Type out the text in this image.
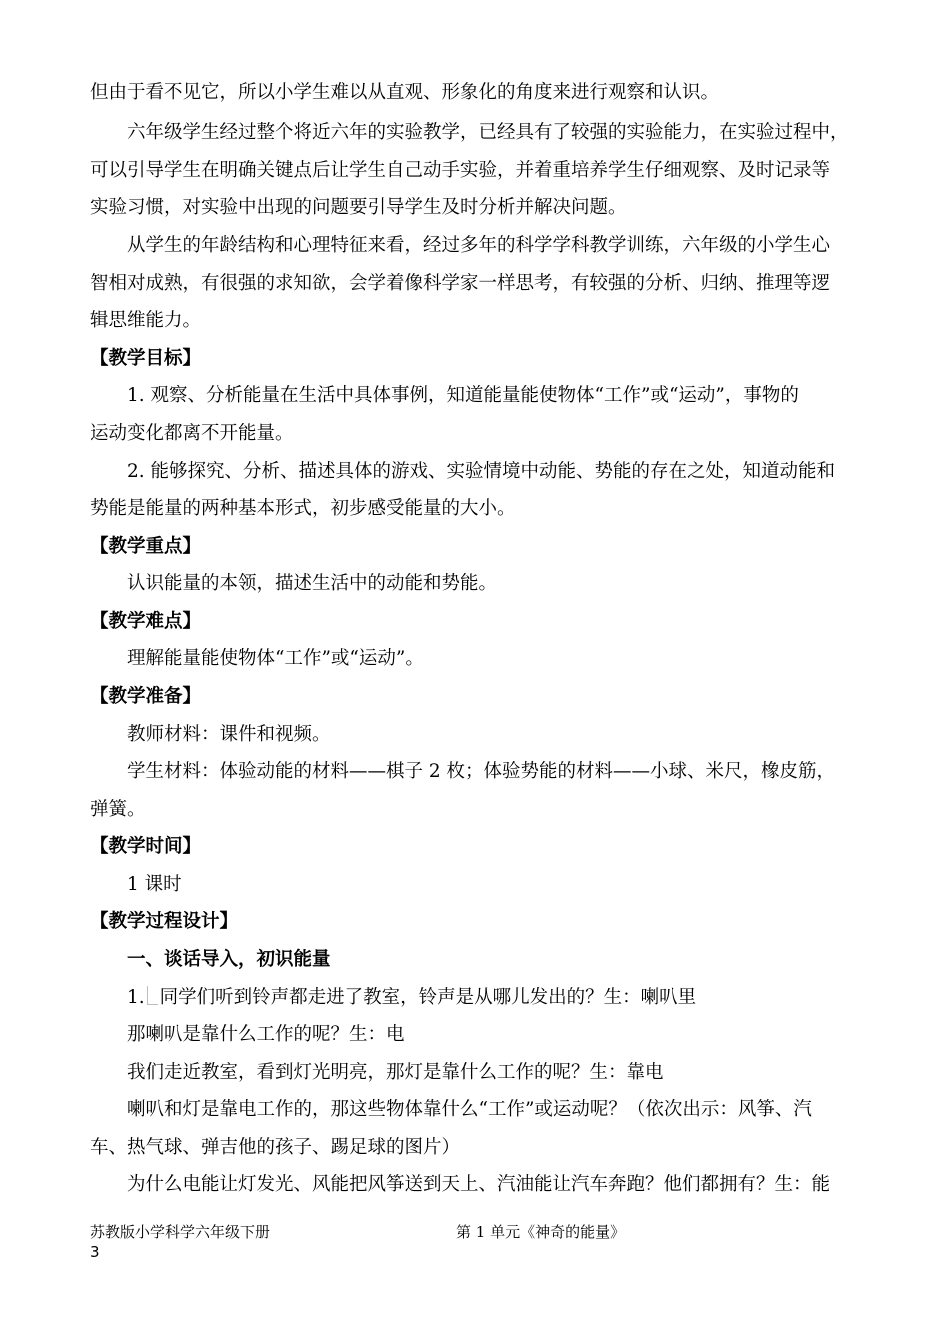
但由于看不见它，所以小学生难以从直观、形象化的角度来进行观察和认识。
六年级学生经过整个将近六年的实验教学，已经具有了较强的实验能力，在实验过程中，
可以引导学生在明确关键点后让学生自己动手实验，并着重培养学生仔细观察、及时记录等
实验习惯，对实验中出现的问题要引导学生及时分析并解决问题。
从学生的年龄结构和心理特征来看，经过多年的科学学科教学训练，六年级的小学生心
智相对成熟，有很强的求知欲，会学着像科学家一样思考，有较强的分析、归纳、推理等逻
辑思维能力。
【教学目标】
1. 观察、分析能量在生活中具体事例，知道能量能使物体“工作”或“运动”，事物的
运动变化都离不开能量。
2. 能够探究、分析、描述具体的游戏、实验情境中动能、势能的存在之处，知道动能和
势能是能量的两种基本形式，初步感受能量的大小。
【教学重点】
认识能量的本领，描述生活中的动能和势能。
【教学难点】
理解能量能使物体“工作”或“运动”。
【教学准备】
教师材料：课件和视频。
学生材料：体验动能的材料——棋子 2 枚；体验势能的材料——小球、米尺，橡皮筋，
弹簧。
【教学时间】
1 课时
【教学过程设计】
一、谈话导入，初识能量
1. 同学们听到铃声都走进了教室，铃声是从哪儿发出的？生：喇叭里
那喇叭是靠什么工作的呢？生：电
我们走近教室，看到灯光明亮，那灯是靠什么工作的呢？生：靠电
喇叭和灯是靠电工作的，那这些物体靠什么“工作”或运动呢？（依次出示：风筝、汽
车、热气球、弹吉他的孩子、踢足球的图片）
为什么电能让灯发光、风能把风筝送到天上、汽油能让汽车奔跑？他们都拥有？生：能
苏教版小学科学六年级下册	第 1 单元《神奇的能量》
3
